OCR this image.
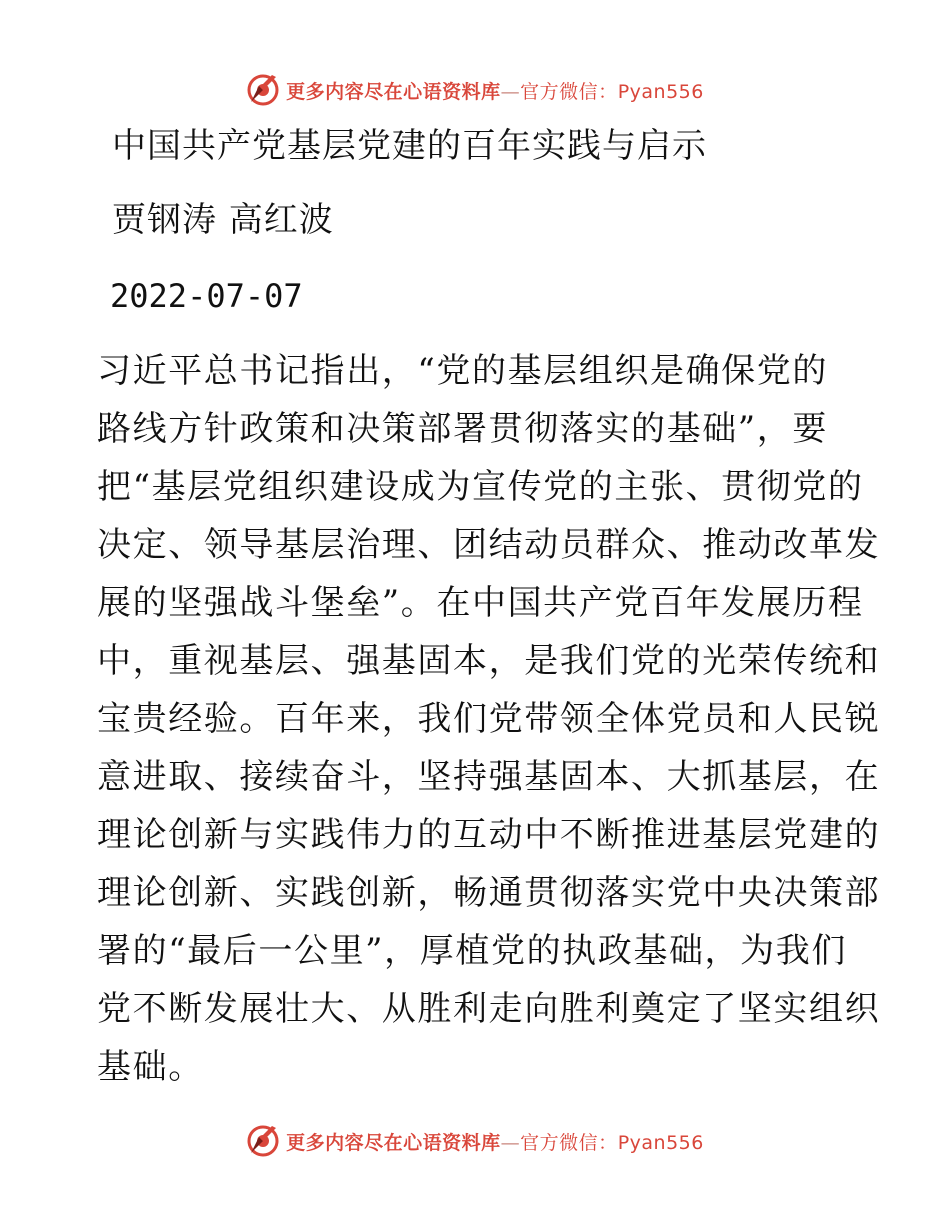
更多内容尽在心语资料库—官方微信：Pyan556
中国共产党基层党建的百年实践与启示
贾钢涛 高红波
2022-07-07
习近平总书记指出，“党的基层组织是确保党的
路线方针政策和决策部署贯彻落实的基础”，要
把“基层党组织建设成为宣传党的主张、贯彻党的
决定、领导基层治理、团结动员群众、推动改革发
展的坚强战斗堡垒”。在中国共产党百年发展历程
中，重视基层、强基固本，是我们党的光荣传统和
宝贵经验。百年来，我们党带领全体党员和人民锐
意进取、接续奋斗，坚持强基固本、大抓基层，在
理论创新与实践伟力的互动中不断推进基层党建的
理论创新、实践创新，畅通贯彻落实党中央决策部
署的“最后一公里”，厚植党的执政基础，为我们
党不断发展壮大、从胜利走向胜利奠定了坚实组织
基础。
更多内容尽在心语资料库—官方微信：Pyan556
